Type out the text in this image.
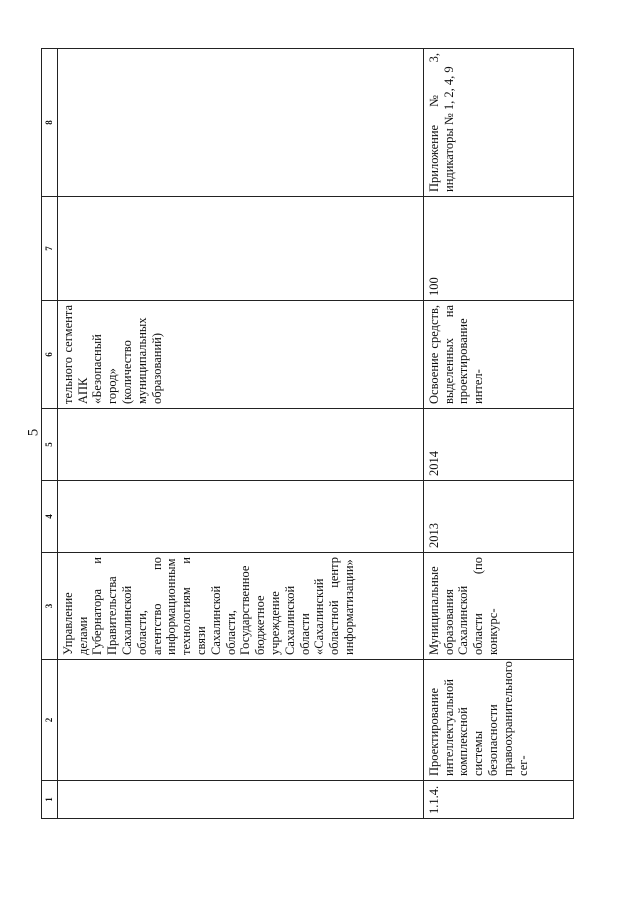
5
1	2	3	4	5	6	7	8
		Управление делами Губернатора и Правительства Сахалинской области, агентство по информационным технологиям и связи Сахалинской области, Государственное бюджетное учреждение Сахалинской области «Сахалинский областной центр информатизации»			тельного сегмента АПК «Безопасный город» (количество муниципальных образований)		
1.1.4.	Проектирование интеллектуальной комплексной системы безопасности правоохранительного сег-	Муниципальные образования Сахалинской области (по конкурс-	2013	2014	Освоение средств, выделенных на проектирование интел-	100	Приложение № 3, индикаторы № 1, 2, 4, 9
